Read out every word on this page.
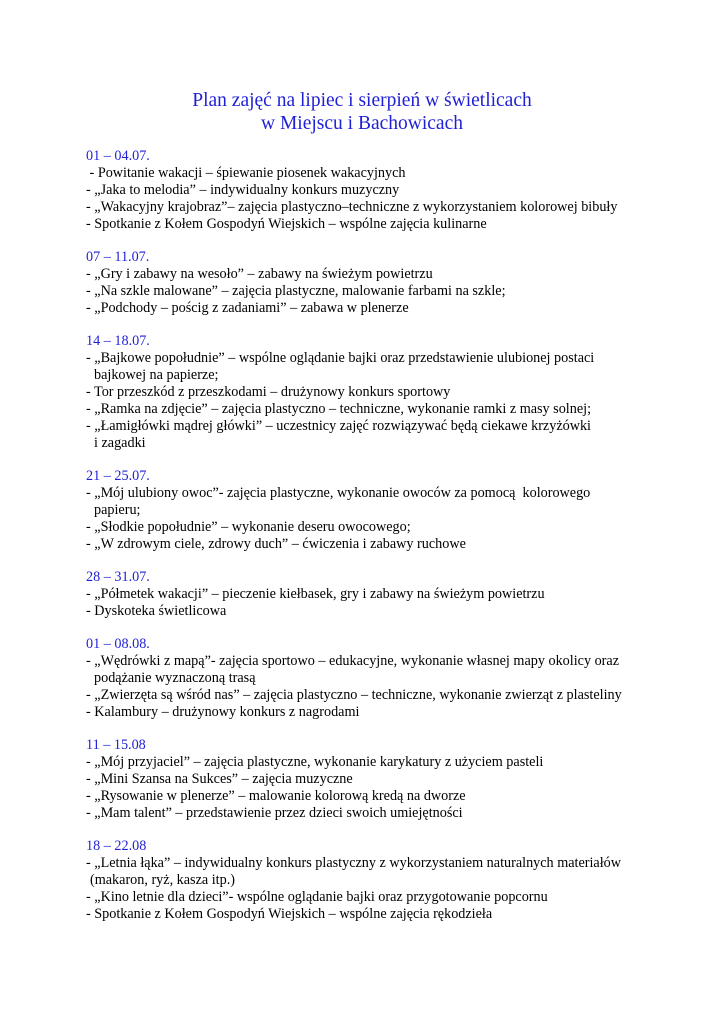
Plan zajęć na lipiec i sierpień w świetlicach
w Miejscu i Bachowicach
01 – 04.07.
- Powitanie wakacji – śpiewanie piosenek wakacyjnych
- „Jaka to melodia” – indywidualny konkurs muzyczny
- „Wakacyjny krajobraz”– zajęcia plastyczno–techniczne z wykorzystaniem kolorowej bibuły
- Spotkanie z Kołem Gospodyń Wiejskich – wspólne zajęcia kulinarne
07 – 11.07.
- „Gry i zabawy na wesoło” – zabawy na świeżym powietrzu
- „Na szkle malowane” – zajęcia plastyczne, malowanie farbami na szkle;
- „Podchody – pościg z zadaniami” – zabawa w plenerze
14 – 18.07.
- „Bajkowe popołudnie” – wspólne oglądanie bajki oraz przedstawienie ulubionej postaci
bajkowej na papierze;
- Tor przeszkód z przeszkodami – drużynowy konkurs sportowy
- „Ramka na zdjęcie” – zajęcia plastyczno – techniczne, wykonanie ramki z masy solnej;
- „Łamigłówki mądrej główki” – uczestnicy zajęć rozwiązywać będą ciekawe krzyżówki
i zagadki
21 – 25.07.
- „Mój ulubiony owoc”- zajęcia plastyczne, wykonanie owoców za pomocą  kolorowego
papieru;
- „Słodkie popołudnie” – wykonanie deseru owocowego;
- „W zdrowym ciele, zdrowy duch” – ćwiczenia i zabawy ruchowe
28 – 31.07.
- „Półmetek wakacji” – pieczenie kiełbasek, gry i zabawy na świeżym powietrzu
- Dyskoteka świetlicowa
01 – 08.08.
- „Wędrówki z mapą”- zajęcia sportowo – edukacyjne, wykonanie własnej mapy okolicy oraz
podążanie wyznaczoną trasą
- „Zwierzęta są wśród nas” – zajęcia plastyczno – techniczne, wykonanie zwierząt z plasteliny
- Kalambury – drużynowy konkurs z nagrodami
11 – 15.08
- „Mój przyjaciel” – zajęcia plastyczne, wykonanie karykatury z użyciem pasteli
- „Mini Szansa na Sukces” – zajęcia muzyczne
- „Rysowanie w plenerze” – malowanie kolorową kredą na dworze
- „Mam talent” – przedstawienie przez dzieci swoich umiejętności
18 – 22.08
- „Letnia łąka” – indywidualny konkurs plastyczny z wykorzystaniem naturalnych materiałów
(makaron, ryż, kasza itp.)
- „Kino letnie dla dzieci”- wspólne oglądanie bajki oraz przygotowanie popcornu
- Spotkanie z Kołem Gospodyń Wiejskich – wspólne zajęcia rękodzieła
